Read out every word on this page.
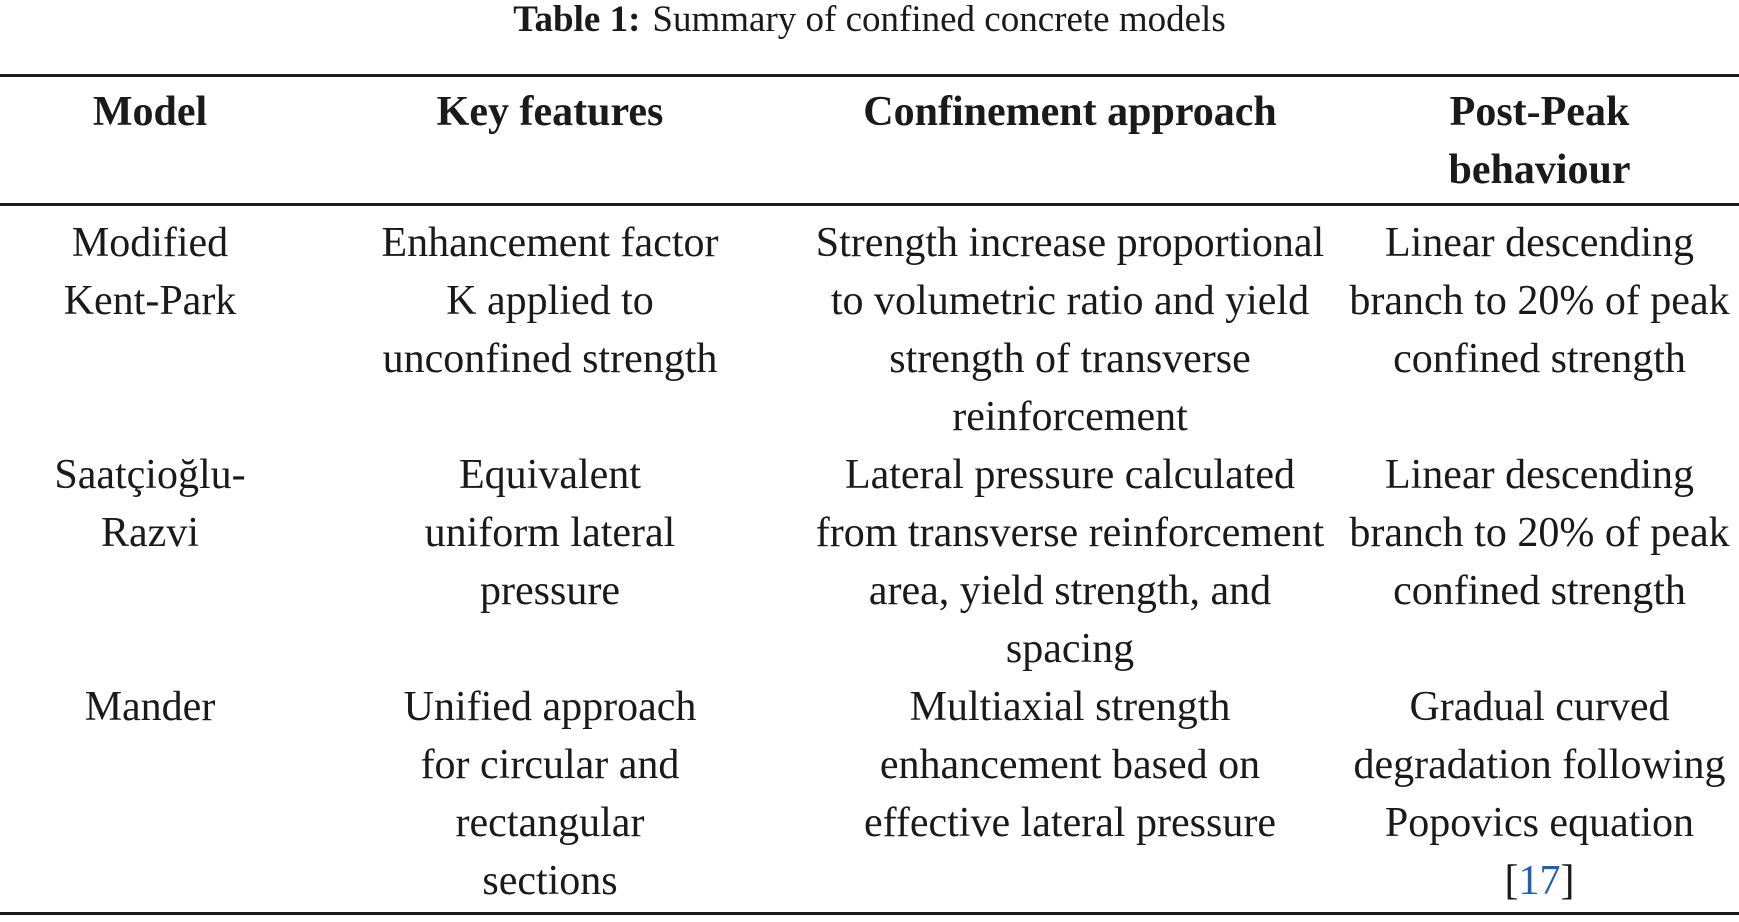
Table 1: Summary of confined concrete models
Model	Key features	Confinement approach	Post-Peak behaviour
Modified Kent-Park	Enhancement factor K applied to unconfined strength	Strength increase proportional to volumetric ratio and yield strength of transverse reinforcement	Linear descending branch to 20% of peak confined strength
Saatçioğlu-Razvi	Equivalent uniform lateral pressure	Lateral pressure calculated from transverse reinforcement area, yield strength, and spacing	Linear descending branch to 20% of peak confined strength
Mander	Unified approach for circular and rectangular sections	Multiaxial strength enhancement based on effective lateral pressure	Gradual curved degradation following Popovics equation [17]
